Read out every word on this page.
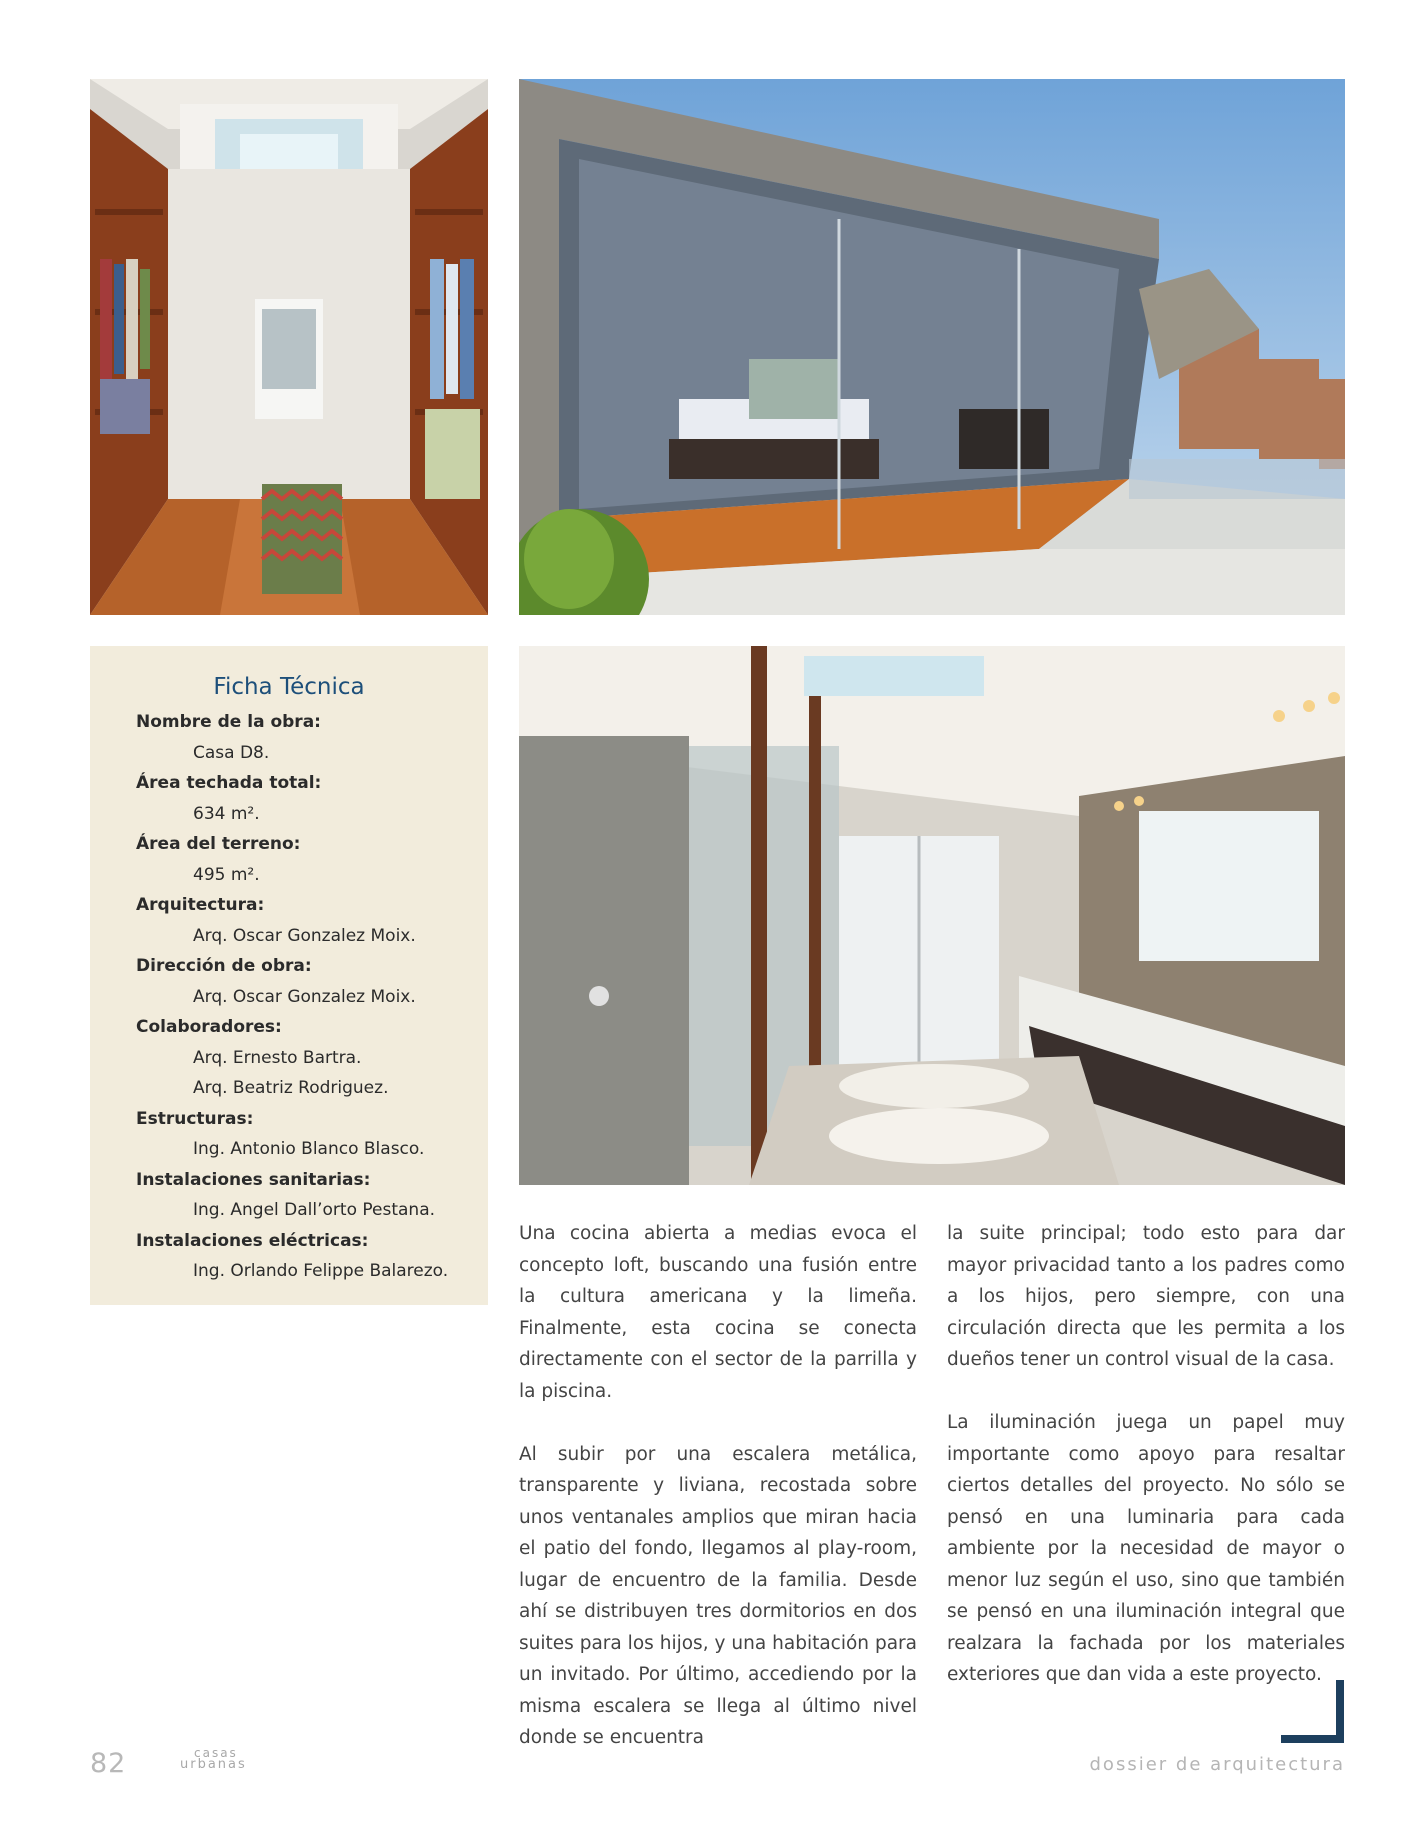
Ficha Técnica
Nombre de la obra:
Casa D8.
Área techada total:
634 m².
Área del terreno:
495 m².
Arquitectura:
Arq. Oscar Gonzalez Moix.
Dirección de obra:
Arq. Oscar Gonzalez Moix.
Colaboradores:
Arq. Ernesto Bartra.
Arq. Beatriz Rodriguez.
Estructuras:
Ing. Antonio Blanco Blasco.
Instalaciones sanitarias:
Ing. Angel Dall’orto Pestana.
Instalaciones eléctricas:
Ing. Orlando Felippe Balarezo.

Una cocina abierta a medias evoca el concepto loft, buscando una fusión entre la cultura americana y la limeña. Finalmente, esta cocina se conecta directamente con el sector de la parrilla y la piscina.

Al subir por una escalera metálica, transparente y liviana, recostada sobre unos ventanales amplios que miran hacia el patio del fondo, llegamos al play-room, lugar de encuentro de la familia. Desde ahí se distribuyen tres dormitorios en dos suites para los hijos, y una habitación para un invitado. Por último, accediendo por la misma escalera se llega al último nivel donde se encuentra

la suite principal; todo esto para dar mayor privacidad tanto a los padres como a los hijos, pero siempre, con una circulación directa que les permita a los dueños tener un control visual de la casa.

La iluminación juega un papel muy importante como apoyo para resaltar ciertos detalles del proyecto. No sólo se pensó en una luminaria para cada ambiente por la necesidad de mayor o menor luz según el uso, sino que también se pensó en una iluminación integral que realzara la fachada por los materiales exteriores que dan vida a este proyecto.

82	casas
urbanas	dossier de arquitectura
